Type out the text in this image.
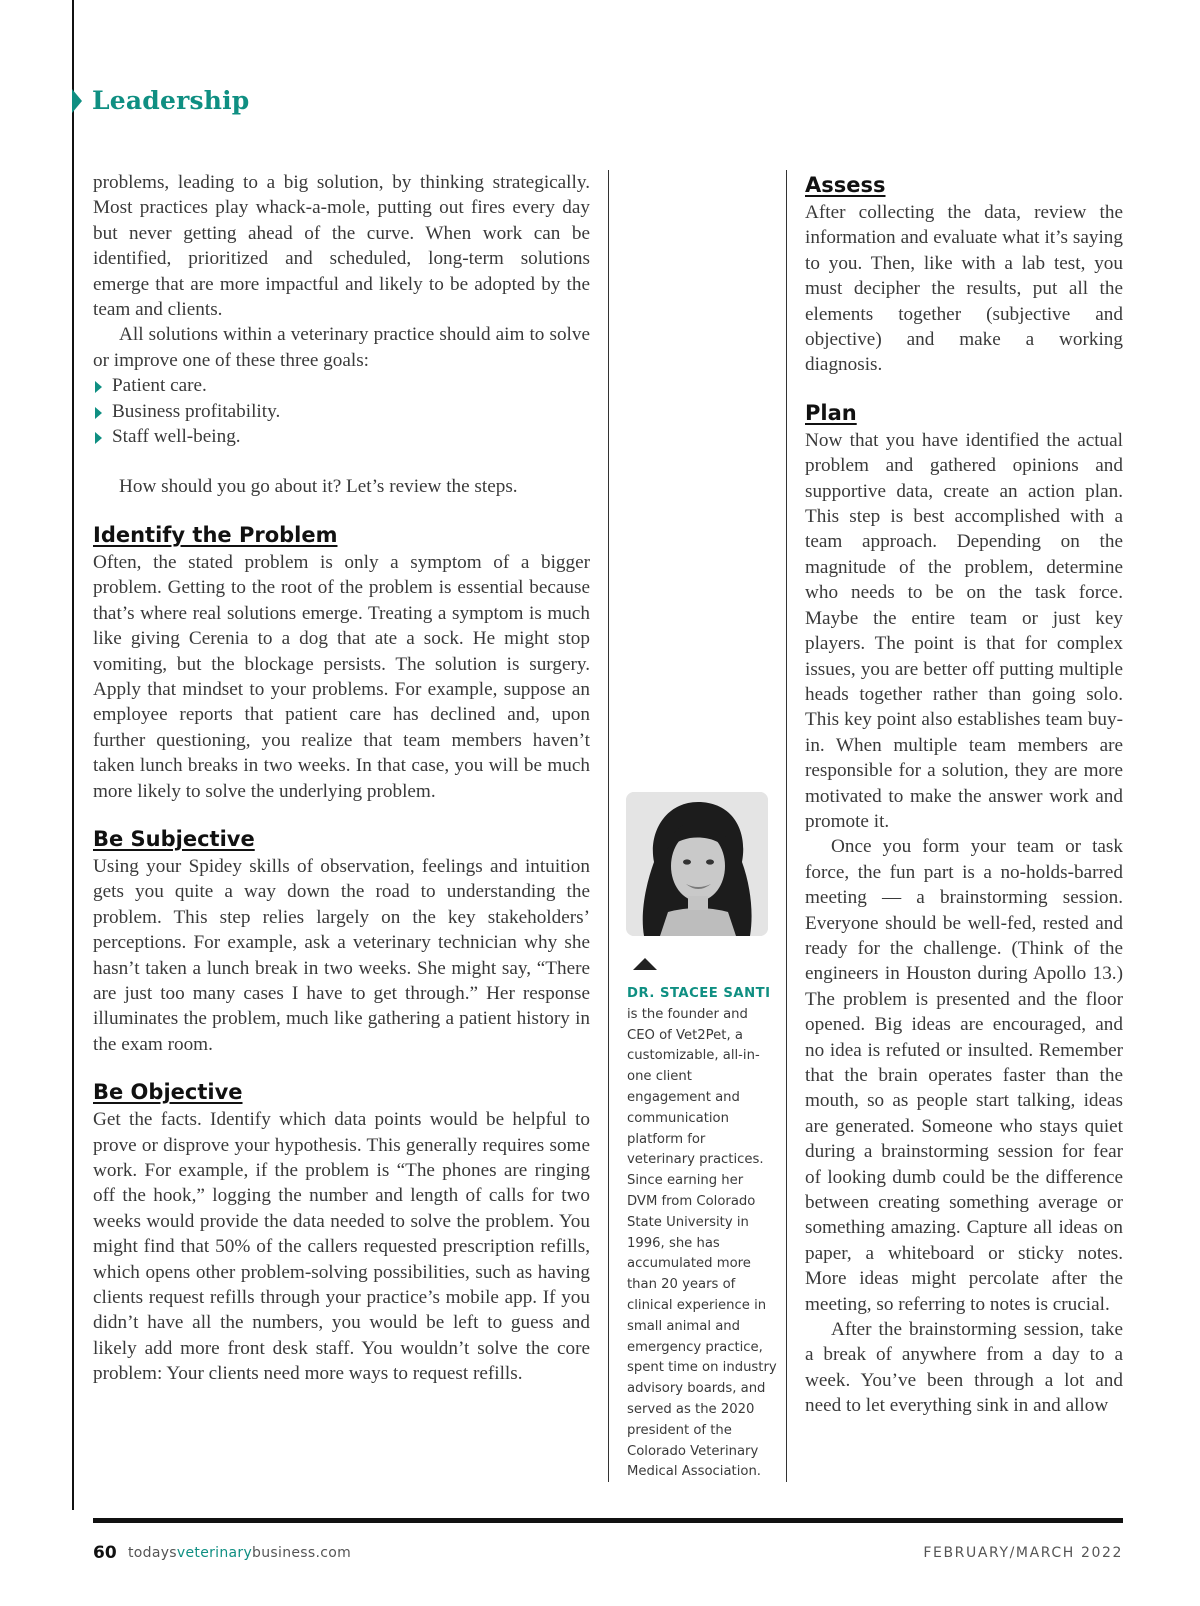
Leadership

problems, leading to a big solution, by thinking strategically. Most practices play whack-a-mole, putting out fires every day but never getting ahead of the curve. When work can be identified, prioritized and scheduled, long-term solutions emerge that are more impactful and likely to be adopted by the team and clients.

All solutions within a veterinary practice should aim to solve or improve one of these three goals:

Patient care.
Business profitability.
Staff well-being.

How should you go about it? Let’s review the steps.

Identify the Problem

Often, the stated problem is only a symptom of a bigger problem. Getting to the root of the problem is essential because that’s where real solutions emerge. Treating a symptom is much like giving Cerenia to a dog that ate a sock. He might stop vomiting, but the blockage persists. The solution is surgery. Apply that mindset to your problems. For example, suppose an employee reports that patient care has declined and, upon further questioning, you realize that team members haven’t taken lunch breaks in two weeks. In that case, you will be much more likely to solve the underlying problem.

Be Subjective

Using your Spidey skills of observation, feelings and intuition gets you quite a way down the road to understanding the problem. This step relies largely on the key stakeholders’ perceptions. For example, ask a veterinary technician why she hasn’t taken a lunch break in two weeks. She might say, “There are just too many cases I have to get through.” Her response illuminates the problem, much like gathering a patient history in the exam room.

Be Objective

Get the facts. Identify which data points would be helpful to prove or disprove your hypothesis. This generally requires some work. For example, if the problem is “The phones are ringing off the hook,” logging the number and length of calls for two weeks would provide the data needed to solve the problem. You might find that 50% of the callers requested prescription refills, which opens other problem-solving possibilities, such as having clients request refills through your practice’s mobile app. If you didn’t have all the numbers, you would be left to guess and likely add more front desk staff. You wouldn’t solve the core problem: Your clients need more ways to request refills.

DR. STACEE SANTI
is the founder and CEO of Vet2Pet, a customizable, all-in-one client engagement and communication platform for veterinary practices. Since earning her DVM from Colorado State University in 1996, she has accumulated more than 20 years of clinical experience in small animal and emergency practice, spent time on industry advisory boards, and served as the 2020 president of the Colorado Veterinary Medical Association.
Assess

After collecting the data, review the information and evaluate what it’s saying to you. Then, like with a lab test, you must decipher the results, put all the elements together (subjective and objective) and make a working diagnosis.

Plan

Now that you have identified the actual problem and gathered opinions and supportive data, create an action plan. This step is best accomplished with a team approach. Depending on the magnitude of the problem, determine who needs to be on the task force. Maybe the entire team or just key players. The point is that for complex issues, you are better off putting multiple heads together rather than going solo. This key point also establishes team buy-in. When multiple team members are responsible for a solution, they are more motivated to make the answer work and promote it.

Once you form your team or task force, the fun part is a no-holds-barred meeting — a brainstorming session. Everyone should be well-fed, rested and ready for the challenge. (Think of the engineers in Houston during Apollo 13.) The problem is presented and the floor opened. Big ideas are encouraged, and no idea is refuted or insulted. Remember that the brain operates faster than the mouth, so as people start talking, ideas are generated. Someone who stays quiet during a brainstorming session for fear of looking dumb could be the difference between creating something average or something amazing. Capture all ideas on paper, a whiteboard or sticky notes. More ideas might percolate after the meeting, so referring to notes is crucial.

After the brainstorming session, take a break of anywhere from a day to a week. You’ve been through a lot and need to let everything sink in and allow

60 todaysveterinarybusiness.com	FEBRUARY/MARCH 2022
